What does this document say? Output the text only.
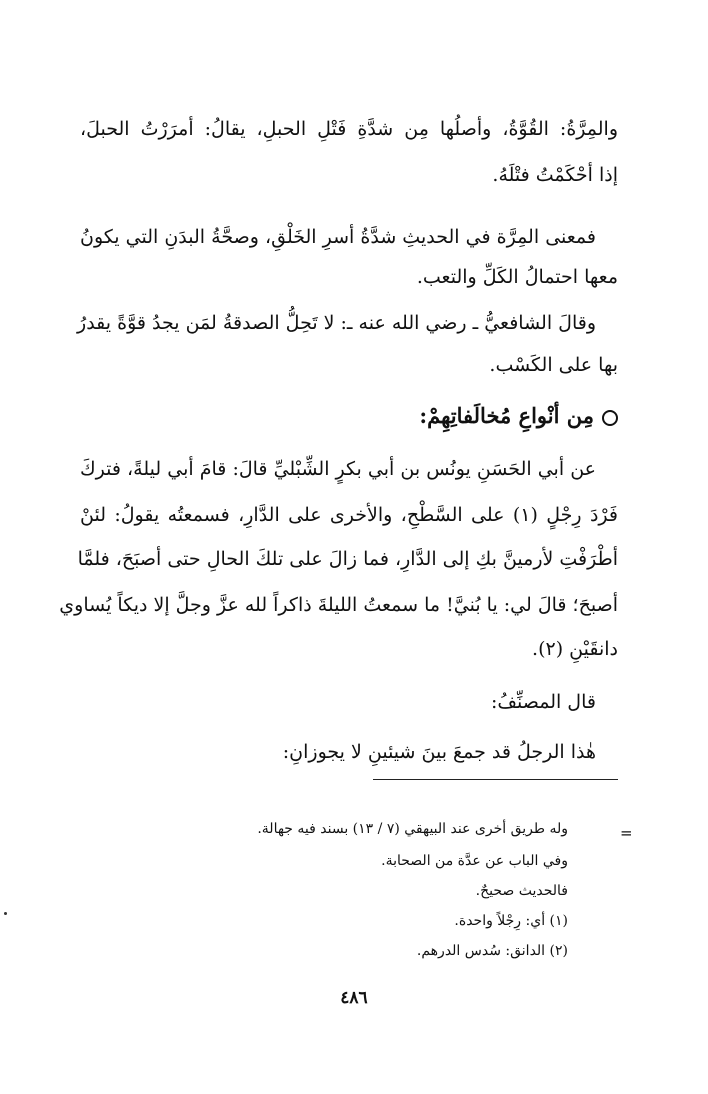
والمِرَّةُ: القُوَّةُ، وأصلُها مِن شدَّةِ فَتْلِ الحبلِ، يقالُ: أمرَرْتُ الحبلَ،
إذا أحْكَمْتُ فتْلَهُ.
فمعنى المِرَّة في الحديثِ شدَّةُ أسرِ الخَلْقِ، وصحَّةُ البدَنِ التي يكونُ
معها احتمالُ الكَلِّ والتعب.
وقالَ الشافعيُّ ـ رضي الله عنه ـ: لا تَحِلُّ الصدقةُ لمَن يجدُ قوَّةً يقدرُ
بها على الكَسْب.
مِن أنْواعِ مُخالَفاتِهِمْ:
عن أبي الحَسَنِ يونُس بن أبي بكرٍ الشِّبْليِّ قالَ: قامَ أبي ليلةً، فتركَ
فَرْدَ رِجْلٍ (١) على السَّطْحِ، والأخرى على الدَّارِ، فسمعتُه يقولُ: لئنْ
أطْرَفْتِ لأرمينَّ بكِ إلى الدَّارِ، فما زالَ على تلكَ الحالِ حتى أصبَحَ، فلمَّا
أصبحَ؛ قالَ لي: يا بُنيَّ! ما سمعتُ الليلةَ ذاكراً لله عزَّ وجلَّ إلا ديكاً يُساوي
دانقَيْنِ (٢).
قال المصنِّفُ:
هٰذا الرجلُ قد جمعَ بينَ شيئينِ لا يجوزانِ:
=
وله طريق أخرى عند البيهقي (٧ / ١٣) بسند فيه جهالة.
وفي الباب عن عدَّة من الصحابة.
فالحديث صحيحٌ.
(١) أي: رِجْلاً واحدة.
(٢) الدانق: سُدس الدرهم.
٤٨٦
